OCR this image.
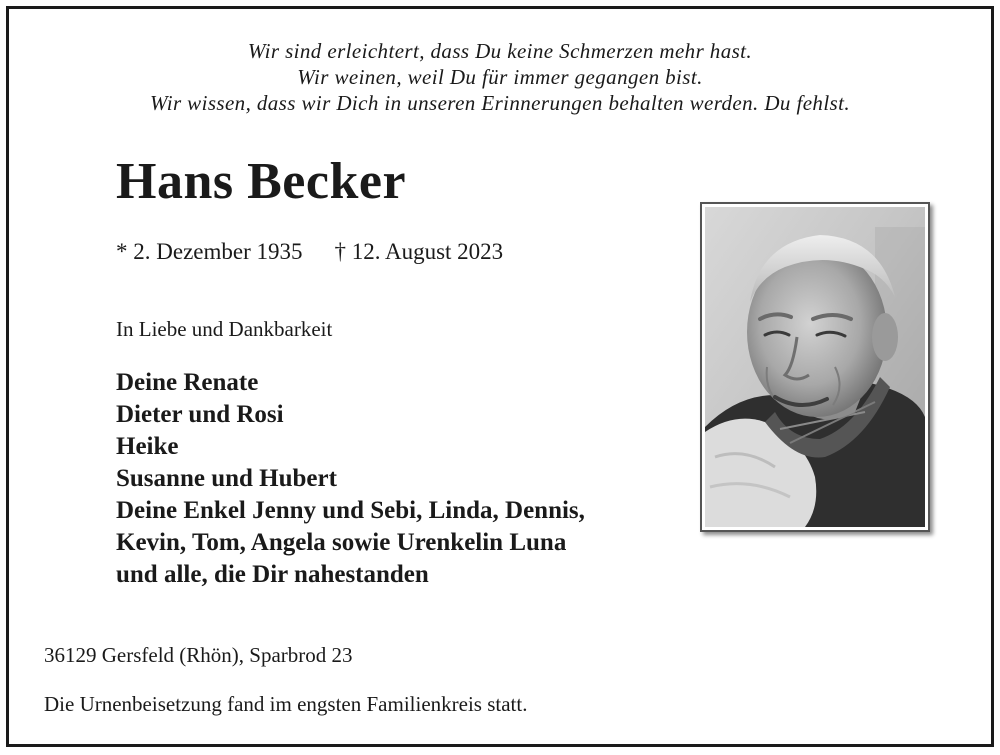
Wir sind erleichtert, dass Du keine Schmerzen mehr hast.
Wir weinen, weil Du für immer gegangen bist.
Wir wissen, dass wir Dich in unseren Erinnerungen behalten werden. Du fehlst.
Hans Becker
* 2. Dezember 1935 † 12. August 2023
In Liebe und Dankbarkeit
Deine Renate
Dieter und Rosi
Heike
Susanne und Hubert
Deine Enkel Jenny und Sebi, Linda, Dennis,
Kevin, Tom, Angela sowie Urenkelin Luna
und alle, die Dir nahestanden
36129 Gersfeld (Rhön), Sparbrod 23
Die Urnenbeisetzung fand im engsten Familienkreis statt.
